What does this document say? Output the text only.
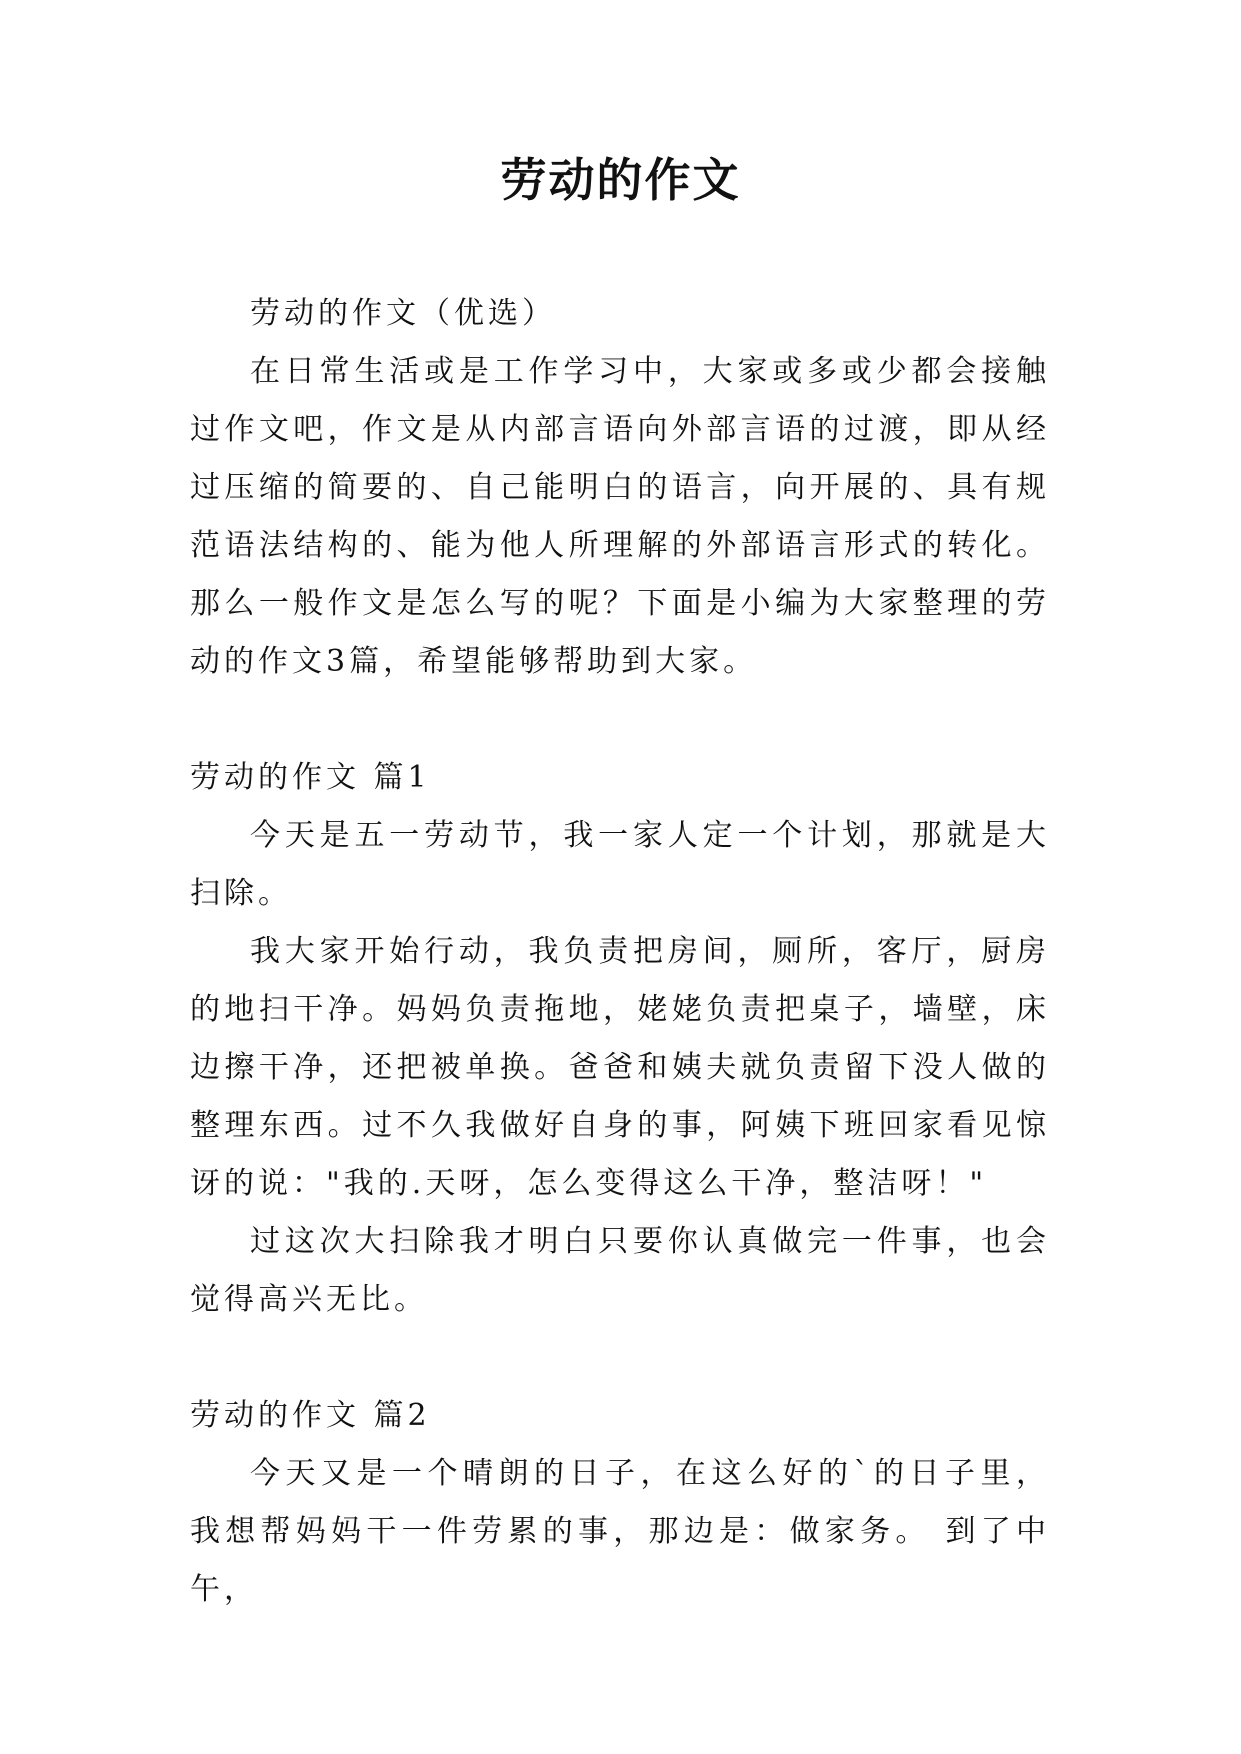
劳动的作文

劳动的作文（优选）

在日常生活或是工作学习中，大家或多或少都会接触过作文吧，作文是从内部言语向外部言语的过渡，即从经过压缩的简要的、自己能明白的语言，向开展的、具有规范语法结构的、能为他人所理解的外部语言形式的转化。那么一般作文是怎么写的呢？下面是小编为大家整理的劳动的作文3篇，希望能够帮助到大家。

劳动的作文 篇1

今天是五一劳动节，我一家人定一个计划，那就是大扫除。

我大家开始行动，我负责把房间，厕所，客厅，厨房的地扫干净。妈妈负责拖地，姥姥负责把桌子，墙壁，床边擦干净，还把被单换。爸爸和姨夫就负责留下没人做的整理东西。过不久我做好自身的事，阿姨下班回家看见惊讶的说："我的.天呀，怎么变得这么干净，整洁呀！"

过这次大扫除我才明白只要你认真做完一件事，也会觉得高兴无比。

劳动的作文 篇2

今天又是一个晴朗的日子，在这么好的`的日子里，我想帮妈妈干一件劳累的事，那边是：做家务。 到了中午，
